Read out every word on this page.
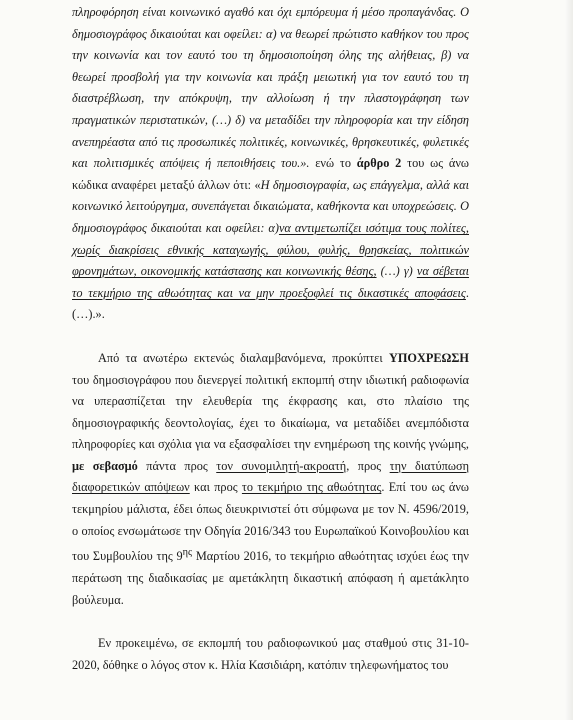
πληροφόρηση είναι κοινωνικό αγαθό και όχι εμπόρευμα ή μέσο προπαγάνδας. Ο δημοσιογράφος δικαιούται και οφείλει: α) να θεωρεί πρώτιστο καθήκον του προς την κοινωνία και τον εαυτό του τη δημοσιοποίηση όλης της αλήθειας, β) να θεωρεί προσβολή για την κοινωνία και πράξη μειωτική για τον εαυτό του τη διαστρέβλωση, την απόκρυψη, την αλλοίωση ή την πλαστογράφηση των πραγματικών περιστατικών, (…) δ) να μεταδίδει την πληροφορία και την είδηση ανεπηρέαστα από τις προσωπικές πολιτικές, κοινωνικές, θρησκευτικές, φυλετικές και πολιτισμικές απόψεις ή πεποιθήσεις του.». ενώ το άρθρο 2 του ως άνω κώδικα αναφέρει μεταξύ άλλων ότι: «Η δημοσιογραφία, ως επάγγελμα, αλλά και κοινωνικό λειτούργημα, συνεπάγεται δικαιώματα, καθήκοντα και υποχρεώσεις. Ο δημοσιογράφος δικαιούται και οφείλει: α)να αντιμετωπίζει ισότιμα τους πολίτες, χωρίς διακρίσεις εθνικής καταγωγής, φύλου, φυλής, θρησκείας, πολιτικών φρονημάτων, οικονομικής κατάστασης και κοινωνικής θέσης, (…) γ) να σέβεται το τεκμήριο της αθωότητας και να μην προεξοφλεί τις δικαστικές αποφάσεις. (…).».

Από τα ανωτέρω εκτενώς διαλαμβανόμενα, προκύπτει ΥΠΟΧΡΕΩΣΗ του δημοσιογράφου που διενεργεί πολιτική εκπομπή στην ιδιωτική ραδιοφωνία να υπερασπίζεται την ελευθερία της έκφρασης και, στο πλαίσιο της δημοσιογραφικής δεοντολογίας, έχει το δικαίωμα, να μεταδίδει ανεμπόδιστα πληροφορίες και σχόλια για να εξασφαλίσει την ενημέρωση της κοινής γνώμης, με σεβασμό πάντα προς τον συνομιλητή-ακροατή, προς την διατύπωση διαφορετικών απόψεων και προς το τεκμήριο της αθωότητας. Επί του ως άνω τεκμηρίου μάλιστα, έδει όπως διευκρινιστεί ότι σύμφωνα με τον Ν. 4596/2019, ο οποίος ενσωμάτωσε την Οδηγία 2016/343 του Ευρωπαϊκού Κοινοβουλίου και του Συμβουλίου της $9^{\eta\varsigma}$ Μαρτίου 2016, το τεκμήριο αθωότητας ισχύει έως την περάτωση της διαδικασίας με αμετάκλητη δικαστική απόφαση ή αμετάκλητο βούλευμα.

Εν προκειμένω, σε εκπομπή του ραδιοφωνικού μας σταθμού στις 31-10-2020, δόθηκε ο λόγος στον κ. Ηλία Κασιδιάρη, κατόπιν τηλεφωνήματος του
